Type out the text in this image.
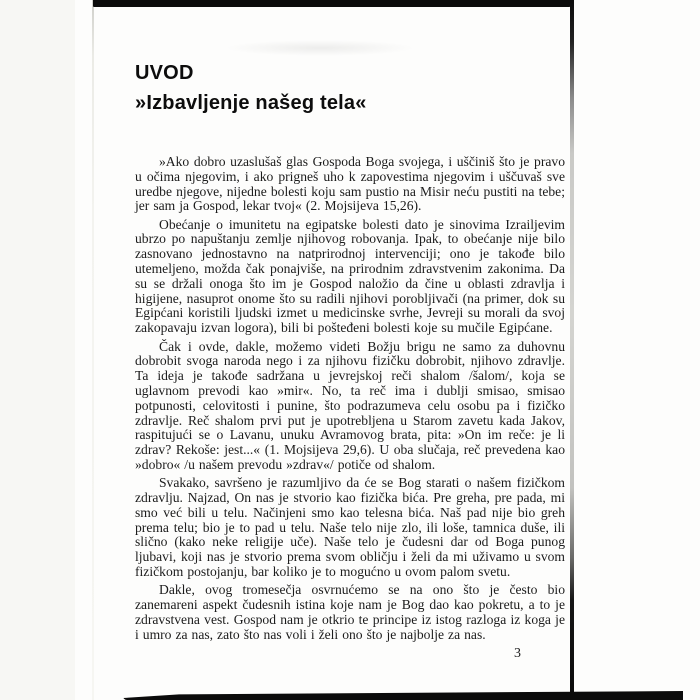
UVOD
»Izbavljenje našeg tela«

»Ako dobro uzaslušaš glas Gospoda Boga svojega, i uščiniš što je pravo u očima njegovim, i ako prigneš uho k zapovestima njegovim i uščuvaš sve uredbe njegove, nijedne bolesti koju sam pustio na Misir neću pustiti na tebe; jer sam ja Gospod, lekar tvoj« (2. Mojsijeva 15,26).

Obećanje o imunitetu na egipatske bolesti dato je sinovima Izrailjevim ubrzo po napuštanju zemlje njihovog robovanja. Ipak, to obećanje nije bilo zasnovano jednostavno na natprirodnoj intervenciji; ono je takođe bilo utemeljeno, možda čak ponajviše, na prirodnim zdravstvenim zakonima. Da su se držali onoga što im je Gospod naložio da čine u oblasti zdravlja i higijene, nasuprot onome što su radili njihovi porobljivači (na primer, dok su Egipćani koristili ljudski izmet u medicinske svrhe, Jevreji su morali da svoj zakopavaju izvan logora), bili bi pošteđeni bolesti koje su mučile Egipćane.

Čak i ovde, dakle, možemo videti Božju brigu ne samo za duhovnu dobrobit svoga naroda nego i za njihovu fizičku dobrobit, njihovo zdravlje. Ta ideja je takođe sadržana u jevrejskoj reči shalom /šalom/, koja se uglavnom prevodi kao »mir«. No, ta reč ima i dublji smisao, smisao potpunosti, celovitosti i punine, što podrazumeva celu osobu pa i fizičko zdravlje. Reč shalom prvi put je upotrebljena u Starom zavetu kada Jakov, raspitujući se o Lavanu, unuku Avramovog brata, pita: »On im reče: je li zdrav? Rekoše: jest...« (1. Mojsijeva 29,6). U oba slučaja, reč prevedena kao »dobro« /u našem prevodu »zdrav«/ potiče od shalom.

Svakako, savršeno je razumljivo da će se Bog starati o našem fizičkom zdravlju. Najzad, On nas je stvorio kao fizička bića. Pre greha, pre pada, mi smo već bili u telu. Načinjeni smo kao telesna bića. Naš pad nije bio greh prema telu; bio je to pad u telu. Naše telo nije zlo, ili loše, tamnica duše, ili slično (kako neke religije uče). Naše telo je čudesni dar od Boga punog ljubavi, koji nas je stvorio prema svom obličju i želi da mi uživamo u svom fizičkom postojanju, bar koliko je to mogućno u ovom palom svetu.

Dakle, ovog tromesečja osvrnućemo se na ono što je često bio zanemareni aspekt čudesnih istina koje nam je Bog dao kao pokretu, a to je zdravstvena vest. Gospod nam je otkrio te principe iz istog razloga iz koga je i umro za nas, zato što nas voli i želi ono što je najbolje za nas.

3
